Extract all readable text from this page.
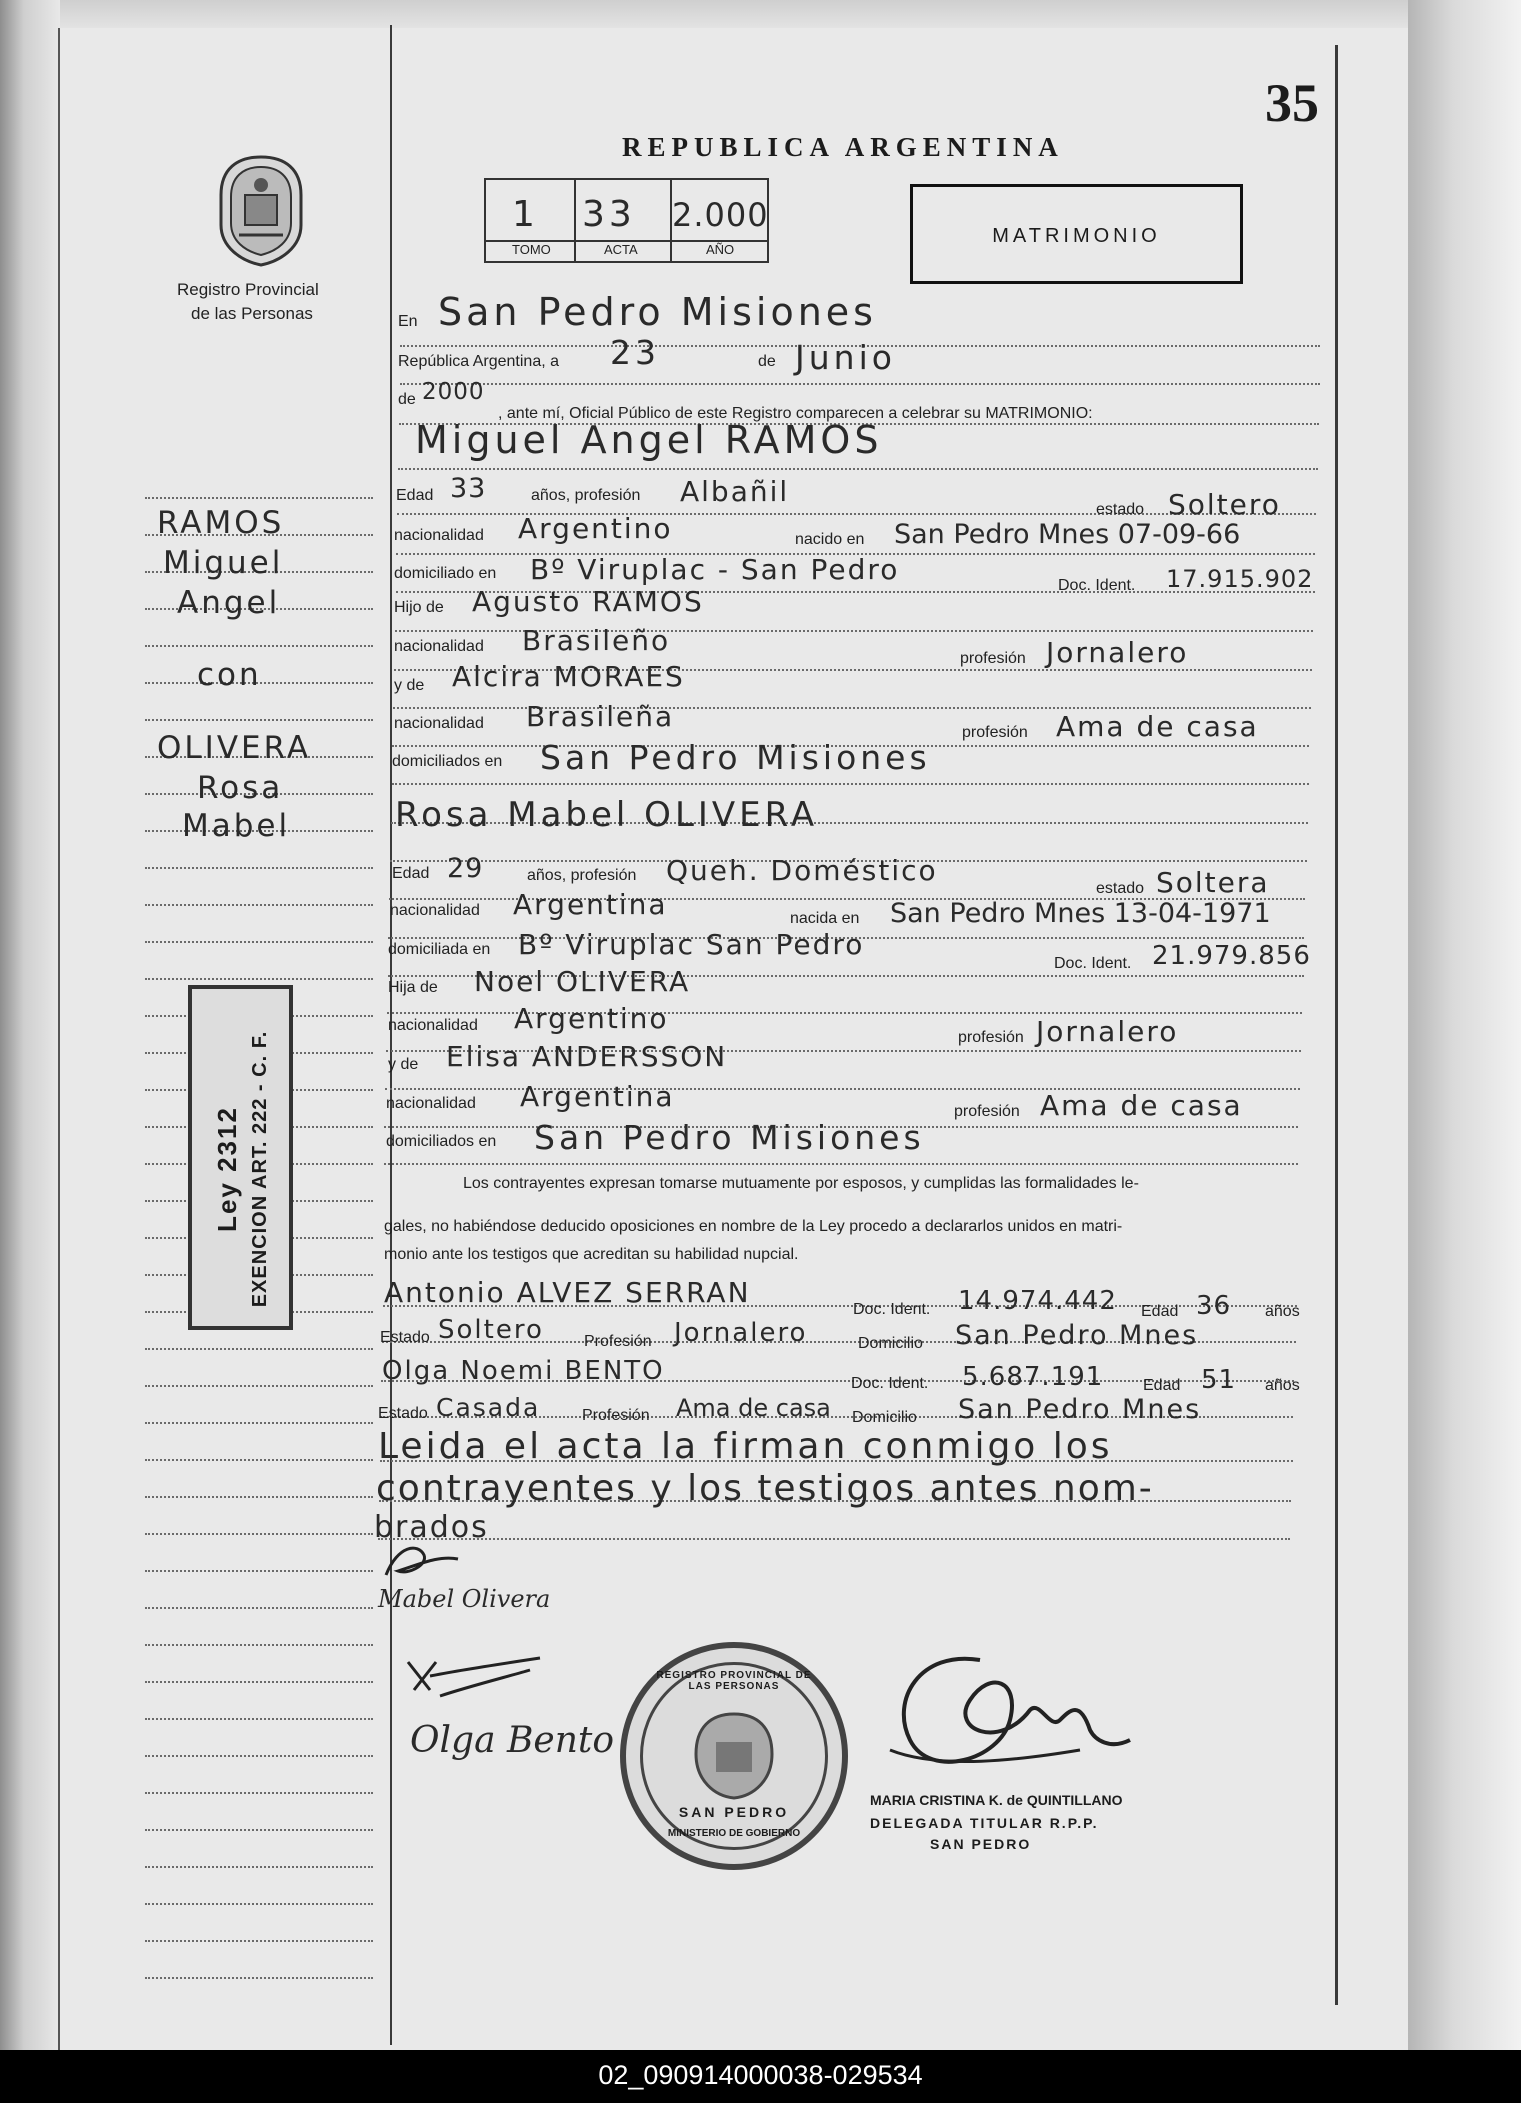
35
REPUBLICA ARGENTINA
1 33 2.000
TOMO	ACTA	AÑO
MATRIMONIO
Registro Provincial
de las Personas
RAMOS
Miguel
Angel
con
OLIVERA
Rosa
Mabel
Ley 2312 EXENCION ART. 222 - C. F.
En San Pedro Misiones
República Argentina, a 23	de Junio
de 2000
, ante mí, Oficial Público de este Registro comparecen a celebrar su MATRIMONIO:
Miguel Angel RAMOS
Edad 33	años, profesión Albañil
estado Soltero
nacionalidad Argentino	nacido en San Pedro Mnes 07-09-66
domiciliado en Bº Viruplac - San Pedro	Doc. Ident. 17.915.902
Hijo de Agusto RAMOS
nacionalidad Brasileño
profesión Jornalero
y de Alcira MORAES
nacionalidad Brasileña	profesión Ama de casa
domiciliados en San Pedro Misiones
Rosa Mabel OLIVERA
Edad 29	años, profesión Queh. Doméstico
estado Soltera
nacionalidad Argentina	nacida en San Pedro Mnes 13-04-1971
domiciliada en Bº Viruplac San Pedro
Doc. Ident. 21.979.856
Hija de Noel OLIVERA
nacionalidad Argentino
profesión Jornalero
y de Elisa ANDERSSON
nacionalidad Argentina	profesión Ama de casa
domiciliados en San Pedro Misiones
Los contrayentes expresan tomarse mutuamente por esposos, y cumplidas las formalidades le-
gales, no habiéndose deducido oposiciones en nombre de la Ley procedo a declararlos unidos en matri-
monio ante los testigos que acreditan su habilidad nupcial.
Antonio ALVEZ SERRAN
Doc. Ident. 14.974.442 Edad 36 años
Estado Soltero	Profesión Jornalero	Domicilio San Pedro Mnes
Olga Noemi BENTO	Doc. Ident. 5.687.191 Edad 51 años
Estado Casada	Profesión Ama de casa Domicilio San Pedro Mnes
Leida el acta la firman conmigo los
contrayentes y los testigos antes nom-
brados
Mabel Olivera
Olga Bento
REGISTRO PROVINCIAL DE LAS PERSONAS
SAN PEDRO
MINISTERIO DE GOBIERNO
MARIA CRISTINA K. de QUINTILLANO
DELEGADA TITULAR R.P.P.
SAN PEDRO
02_090914000038-029534
